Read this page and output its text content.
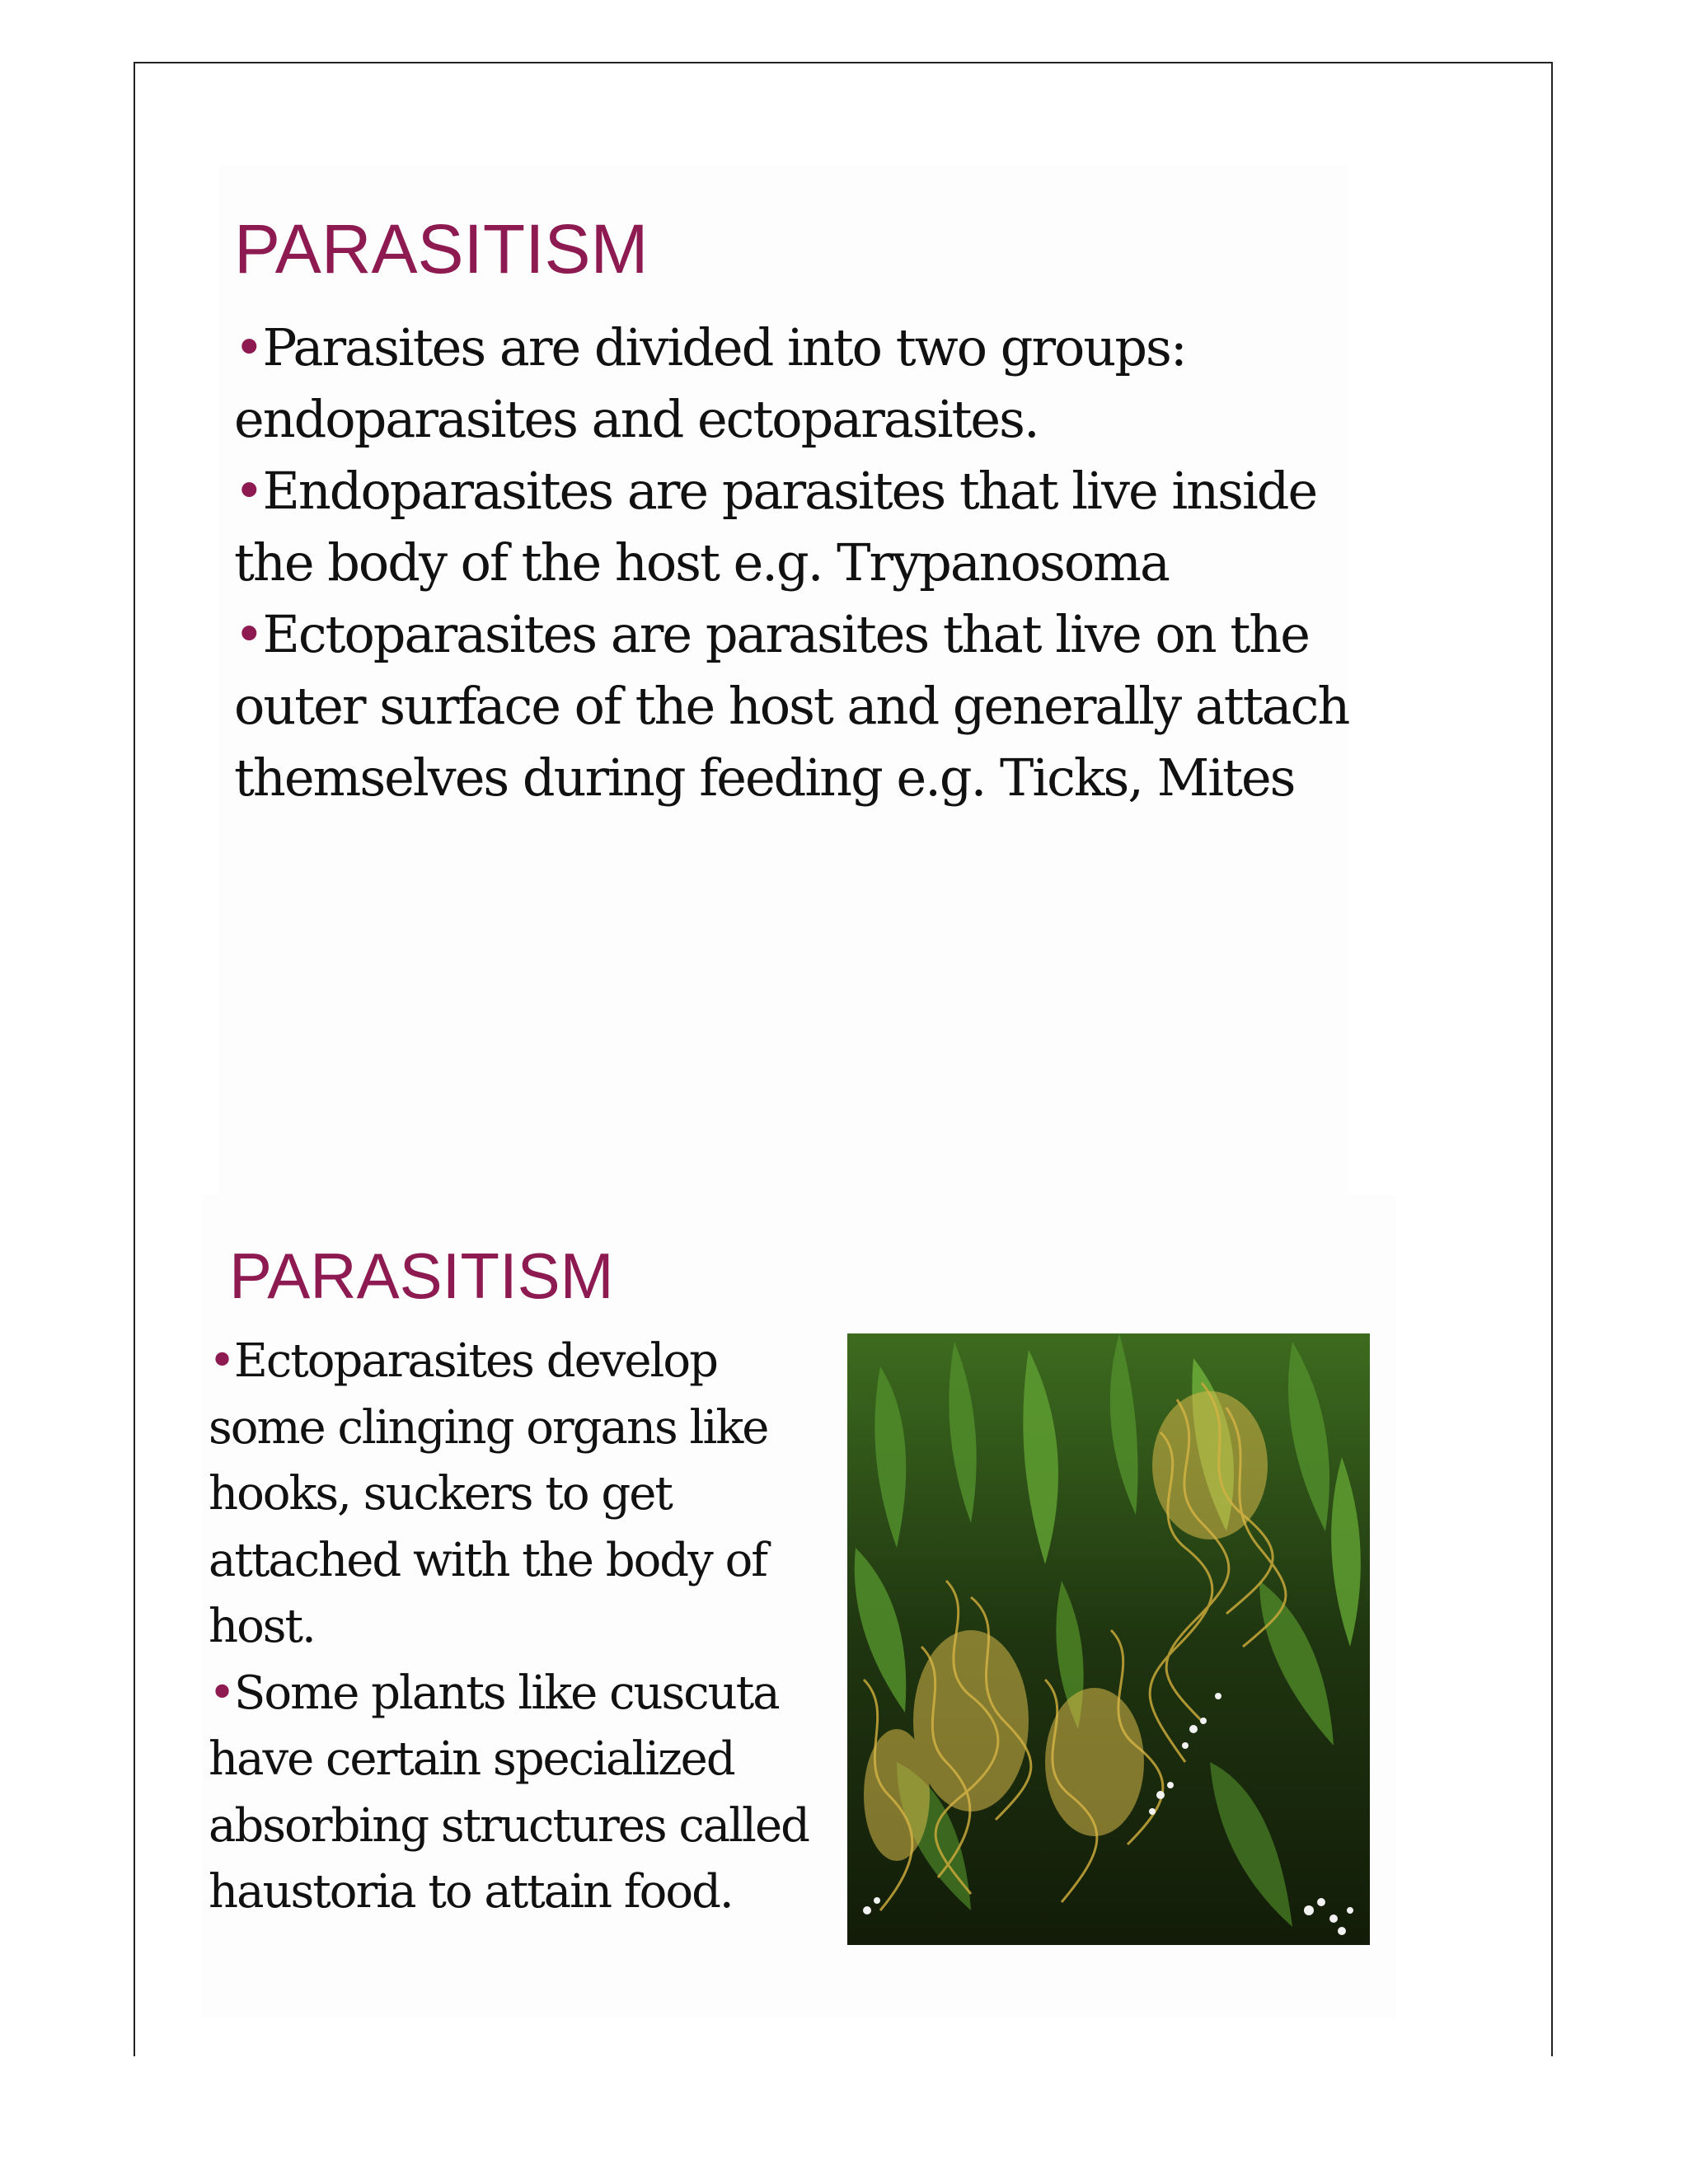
PARASITISM

•Parasites are divided into two groups: endoparasites and ectoparasites.

•Endoparasites are parasites that live inside the body of the host e.g. Trypanosoma

•Ectoparasites are parasites that live on the outer surface of the host and generally attach themselves during feeding e.g. Ticks, Mites

PARASITISM

•Ectoparasites develop some clinging organs like hooks, suckers to get attached with the body of host.

•Some plants like cuscuta have certain specialized absorbing structures called haustoria to attain food.
